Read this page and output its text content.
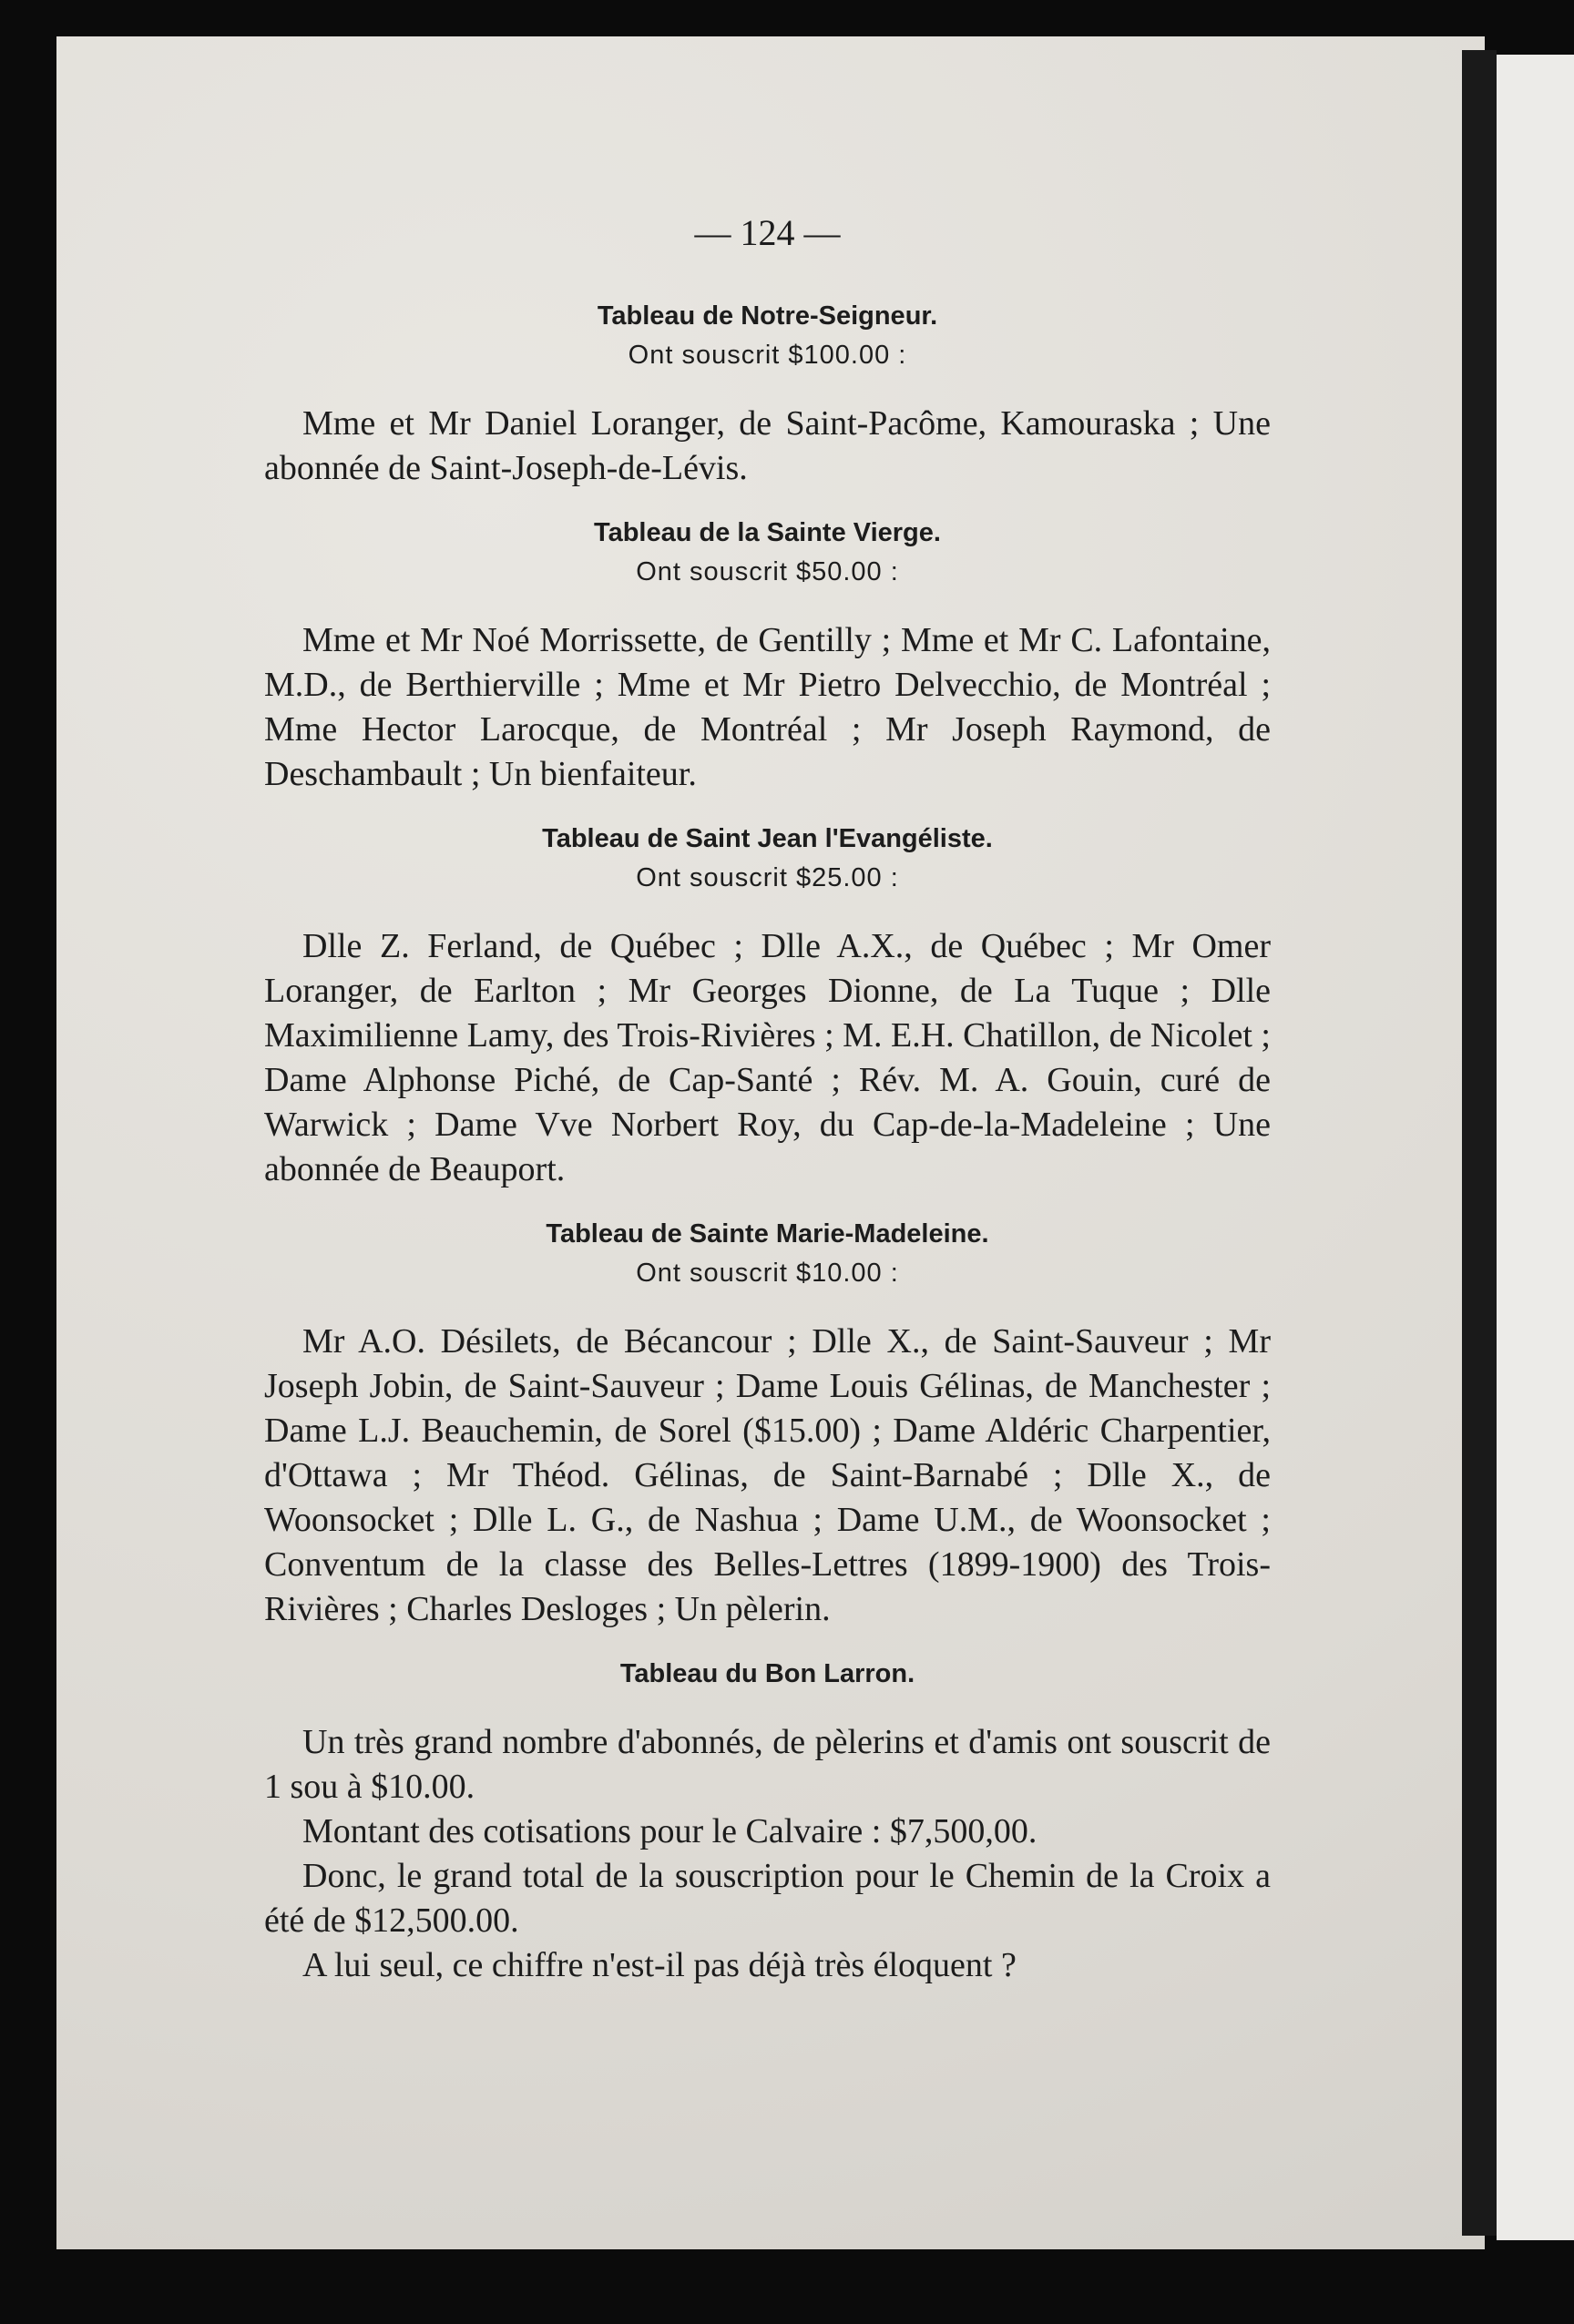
— 124 —

Tableau de Notre-Seigneur.

Ont souscrit $100.00 :

Mme et Mr Daniel Loranger, de Saint-Pacôme, Kamouraska ; Une abonnée de Saint-Joseph-de-Lévis.

Tableau de la Sainte Vierge.

Ont souscrit $50.00 :

Mme et Mr Noé Morrissette, de Gentilly ; Mme et Mr C. Lafontaine, M.D., de Berthierville ; Mme et Mr Pietro Delvecchio, de Montréal ; Mme Hector Larocque, de Montréal ; Mr Joseph Raymond, de Deschambault ; Un bienfaiteur.

Tableau de Saint Jean l'Evangéliste.

Ont souscrit $25.00 :

Dlle Z. Ferland, de Québec ; Dlle A.X., de Québec ; Mr Omer Loranger, de Earlton ; Mr Georges Dionne, de La Tuque ; Dlle Maximilienne Lamy, des Trois-Rivières ; M. E.H. Chatillon, de Nicolet ; Dame Alphonse Piché, de Cap-Santé ; Rév. M. A. Gouin, curé de Warwick ; Dame Vve Norbert Roy, du Cap-de-la-Madeleine ; Une abonnée de Beauport.

Tableau de Sainte Marie-Madeleine.

Ont souscrit $10.00 :

Mr A.O. Désilets, de Bécancour ; Dlle X., de Saint-Sauveur ; Mr Joseph Jobin, de Saint-Sauveur ; Dame Louis Gélinas, de Manchester ; Dame L.J. Beauchemin, de Sorel ($15.00) ; Dame Aldéric Charpentier, d'Ottawa ; Mr Théod. Gélinas, de Saint-Barnabé ; Dlle X., de Woonsocket ; Dlle L. G., de Nashua ; Dame U.M., de Woonsocket ; Conventum de la classe des Belles-Lettres (1899-1900) des Trois-Rivières ; Charles Desloges ; Un pèlerin.

Tableau du Bon Larron.

Un très grand nombre d'abonnés, de pèlerins et d'amis ont souscrit de 1 sou à $10.00.

Montant des cotisations pour le Calvaire : $7,500,00.

Donc, le grand total de la souscription pour le Chemin de la Croix a été de $12,500.00.

A lui seul, ce chiffre n'est-il pas déjà très éloquent ?
